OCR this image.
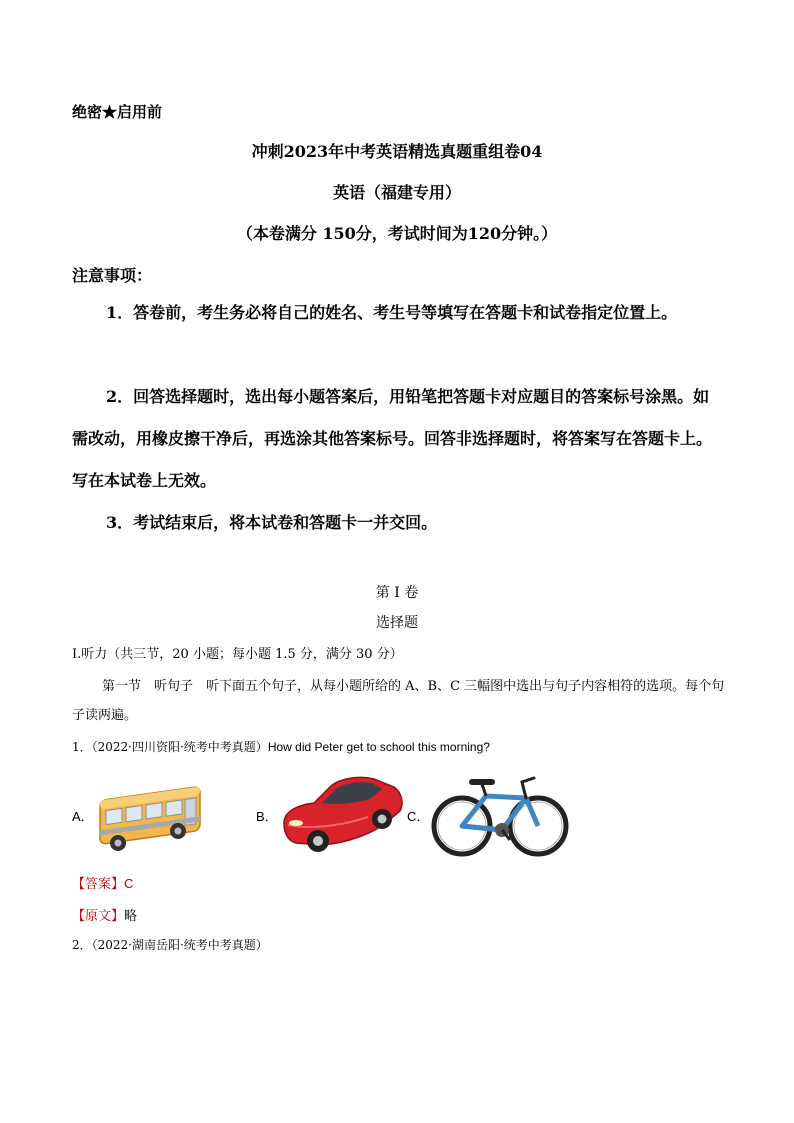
绝密★启用前
冲刺2023年中考英语精选真题重组卷04
英语（福建专用）
（本卷满分 150分，考试时间为120分钟。）
注意事项：
1．答卷前，考生务必将自己的姓名、考生号等填写在答题卡和试卷指定位置上。
2．回答选择题时，选出每小题答案后，用铅笔把答题卡对应题目的答案标号涂黑。如需改动，用橡皮擦干净后，再选涂其他答案标号。回答非选择题时，将答案写在答题卡上。写在本试卷上无效。
3．考试结束后，将本试卷和答题卡一并交回。
第 Ⅰ 卷
选择题
Ⅰ.听力（共三节，20 小题；每小题 1.5 分，满分 30 分）
第一节　听句子　听下面五个句子，从每小题所给的 A、B、C 三幅图中选出与句子内容相符的选项。每个句子读两遍。
1．（2022·四川资阳·统考中考真题）How did Peter get to school this morning?
A．	B．	C．
【答案】C
【原文】略
2．（2022·湖南岳阳·统考中考真题）
